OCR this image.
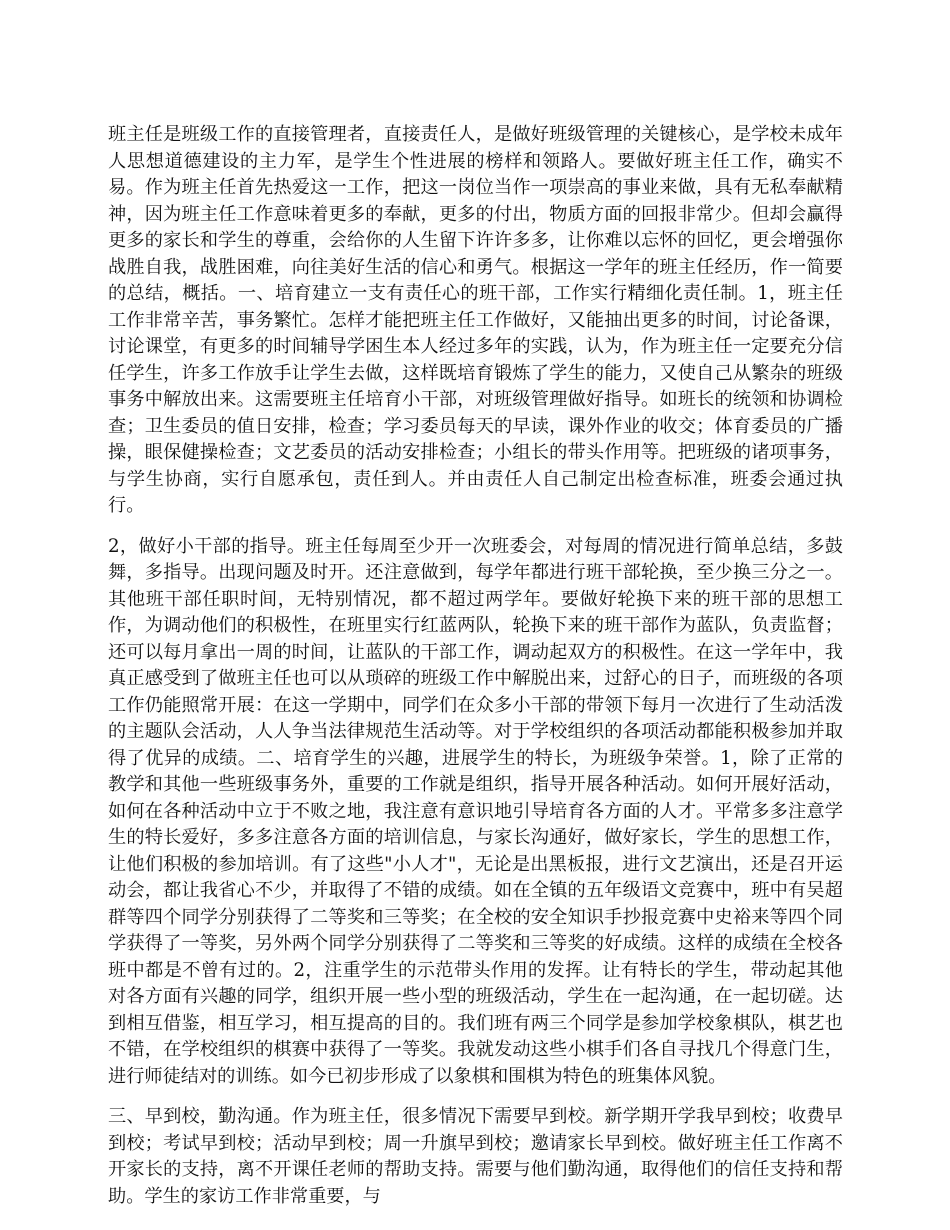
班主任是班级工作的直接管理者，直接责任人，是做好班级管理的关键核心，是学校未成年人思想道德建设的主力军，是学生个性进展的榜样和领路人。要做好班主任工作，确实不易。作为班主任首先热爱这一工作，把这一岗位当作一项崇高的事业来做，具有无私奉献精神，因为班主任工作意味着更多的奉献，更多的付出，物质方面的回报非常少。但却会赢得更多的家长和学生的尊重，会给你的人生留下许许多多，让你难以忘怀的回忆，更会增强你战胜自我，战胜困难，向往美好生活的信心和勇气。根据这一学年的班主任经历，作一简要的总结，概括。一、培育建立一支有责任心的班干部，工作实行精细化责任制。1，班主任工作非常辛苦，事务繁忙。怎样才能把班主任工作做好，又能抽出更多的时间，讨论备课，讨论课堂，有更多的时间辅导学困生本人经过多年的实践，认为，作为班主任一定要充分信任学生，许多工作放手让学生去做，这样既培育锻炼了学生的能力，又使自己从繁杂的班级事务中解放出来。这需要班主任培育小干部，对班级管理做好指导。如班长的统领和协调检查；卫生委员的值日安排，检查；学习委员每天的早读，课外作业的收交；体育委员的广播操，眼保健操检查；文艺委员的活动安排检查；小组长的带头作用等。把班级的诸项事务，与学生协商，实行自愿承包，责任到人。并由责任人自己制定出检查标准，班委会通过执行。

2，做好小干部的指导。班主任每周至少开一次班委会，对每周的情况进行简单总结，多鼓舞，多指导。出现问题及时开。还注意做到，每学年都进行班干部轮换，至少换三分之一。其他班干部任职时间，无特别情况，都不超过两学年。要做好轮换下来的班干部的思想工作，为调动他们的积极性，在班里实行红蓝两队，轮换下来的班干部作为蓝队，负责监督；还可以每月拿出一周的时间，让蓝队的干部工作，调动起双方的积极性。在这一学年中，我真正感受到了做班主任也可以从琐碎的班级工作中解脱出来，过舒心的日子，而班级的各项工作仍能照常开展：在这一学期中，同学们在众多小干部的带领下每月一次进行了生动活泼的主题队会活动，人人争当法律规范生活动等。对于学校组织的各项活动都能积极参加并取得了优异的成绩。二、培育学生的兴趣，进展学生的特长，为班级争荣誉。1，除了正常的教学和其他一些班级事务外，重要的工作就是组织，指导开展各种活动。如何开展好活动，如何在各种活动中立于不败之地，我注意有意识地引导培育各方面的人才。平常多多注意学生的特长爱好，多多注意各方面的培训信息，与家长沟通好，做好家长，学生的思想工作，让他们积极的参加培训。有了这些"小人才"，无论是出黑板报，进行文艺演出，还是召开运动会，都让我省心不少，并取得了不错的成绩。如在全镇的五年级语文竞赛中，班中有吴超群等四个同学分别获得了二等奖和三等奖；在全校的安全知识手抄报竞赛中史裕来等四个同学获得了一等奖，另外两个同学分别获得了二等奖和三等奖的好成绩。这样的成绩在全校各班中都是不曾有过的。2，注重学生的示范带头作用的发挥。让有特长的学生，带动起其他对各方面有兴趣的同学，组织开展一些小型的班级活动，学生在一起沟通，在一起切磋。达到相互借鉴，相互学习，相互提高的目的。我们班有两三个同学是参加学校象棋队，棋艺也不错，在学校组织的棋赛中获得了一等奖。我就发动这些小棋手们各自寻找几个得意门生，进行师徒结对的训练。如今已初步形成了以象棋和围棋为特色的班集体风貌。

三、早到校，勤沟通。作为班主任，很多情况下需要早到校。新学期开学我早到校；收费早到校；考试早到校；活动早到校；周一升旗早到校；邀请家长早到校。做好班主任工作离不开家长的支持，离不开课任老师的帮助支持。需要与他们勤沟通，取得他们的信任支持和帮助。学生的家访工作非常重要，与
